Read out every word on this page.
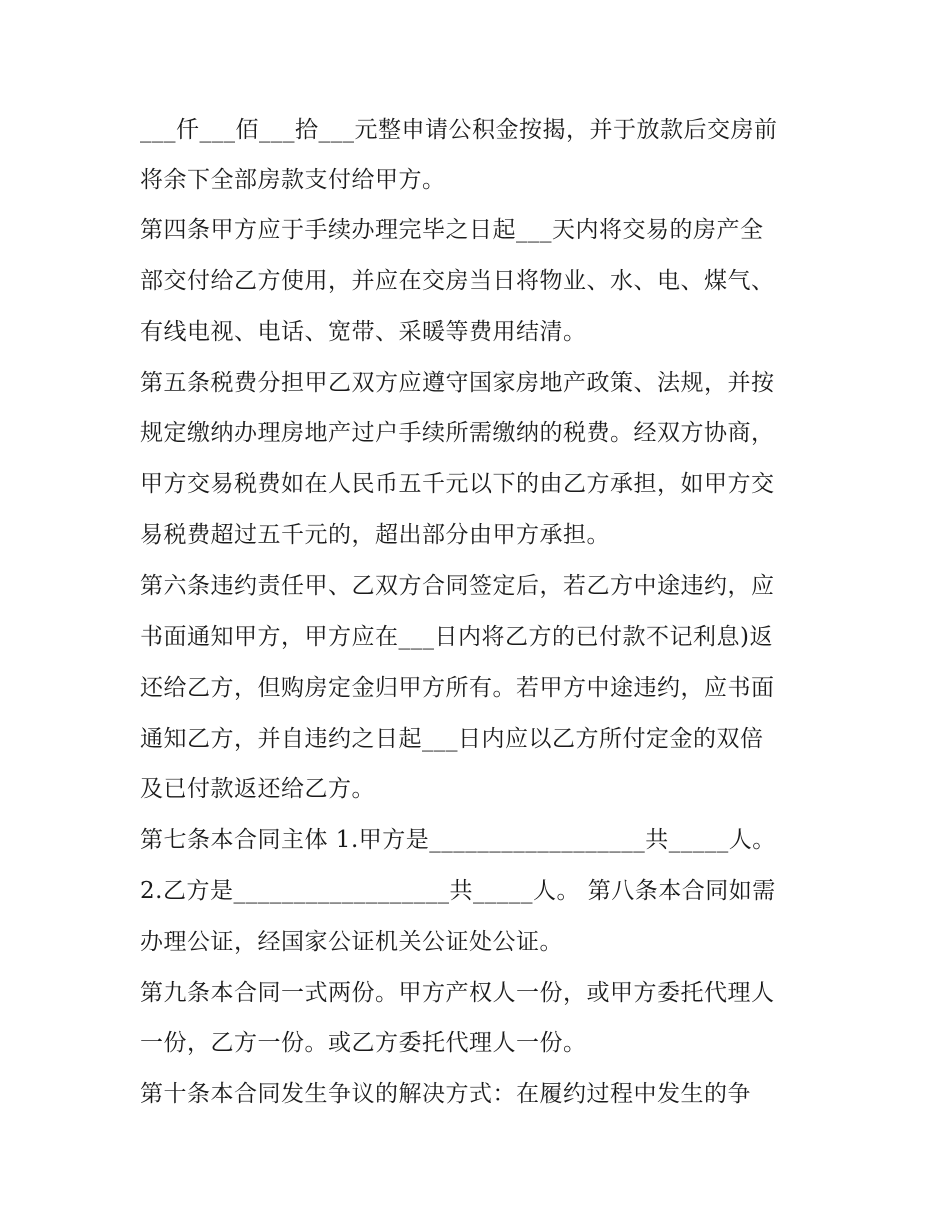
___仟___佰___拾___元整申请公积金按揭，并于放款后交房前

将余下全部房款支付给甲方。

第四条甲方应于手续办理完毕之日起___天内将交易的房产全

部交付给乙方使用，并应在交房当日将物业、水、电、煤气、

有线电视、电话、宽带、采暖等费用结清。

第五条税费分担甲乙双方应遵守国家房地产政策、法规，并按

规定缴纳办理房地产过户手续所需缴纳的税费。经双方协商，

甲方交易税费如在人民币五千元以下的由乙方承担，如甲方交

易税费超过五千元的，超出部分由甲方承担。

第六条违约责任甲、乙双方合同签定后，若乙方中途违约，应

书面通知甲方，甲方应在___日内将乙方的已付款不记利息)返

还给乙方，但购房定金归甲方所有。若甲方中途违约，应书面

通知乙方，并自违约之日起___日内应以乙方所付定金的双倍

及已付款返还给乙方。

第七条本合同主体 1.甲方是__________________共_____人。

2.乙方是__________________共_____人。 第八条本合同如需

办理公证，经国家公证机关公证处公证。

第九条本合同一式两份。甲方产权人一份，或甲方委托代理人

一份，乙方一份。或乙方委托代理人一份。

第十条本合同发生争议的解决方式：在履约过程中发生的争
